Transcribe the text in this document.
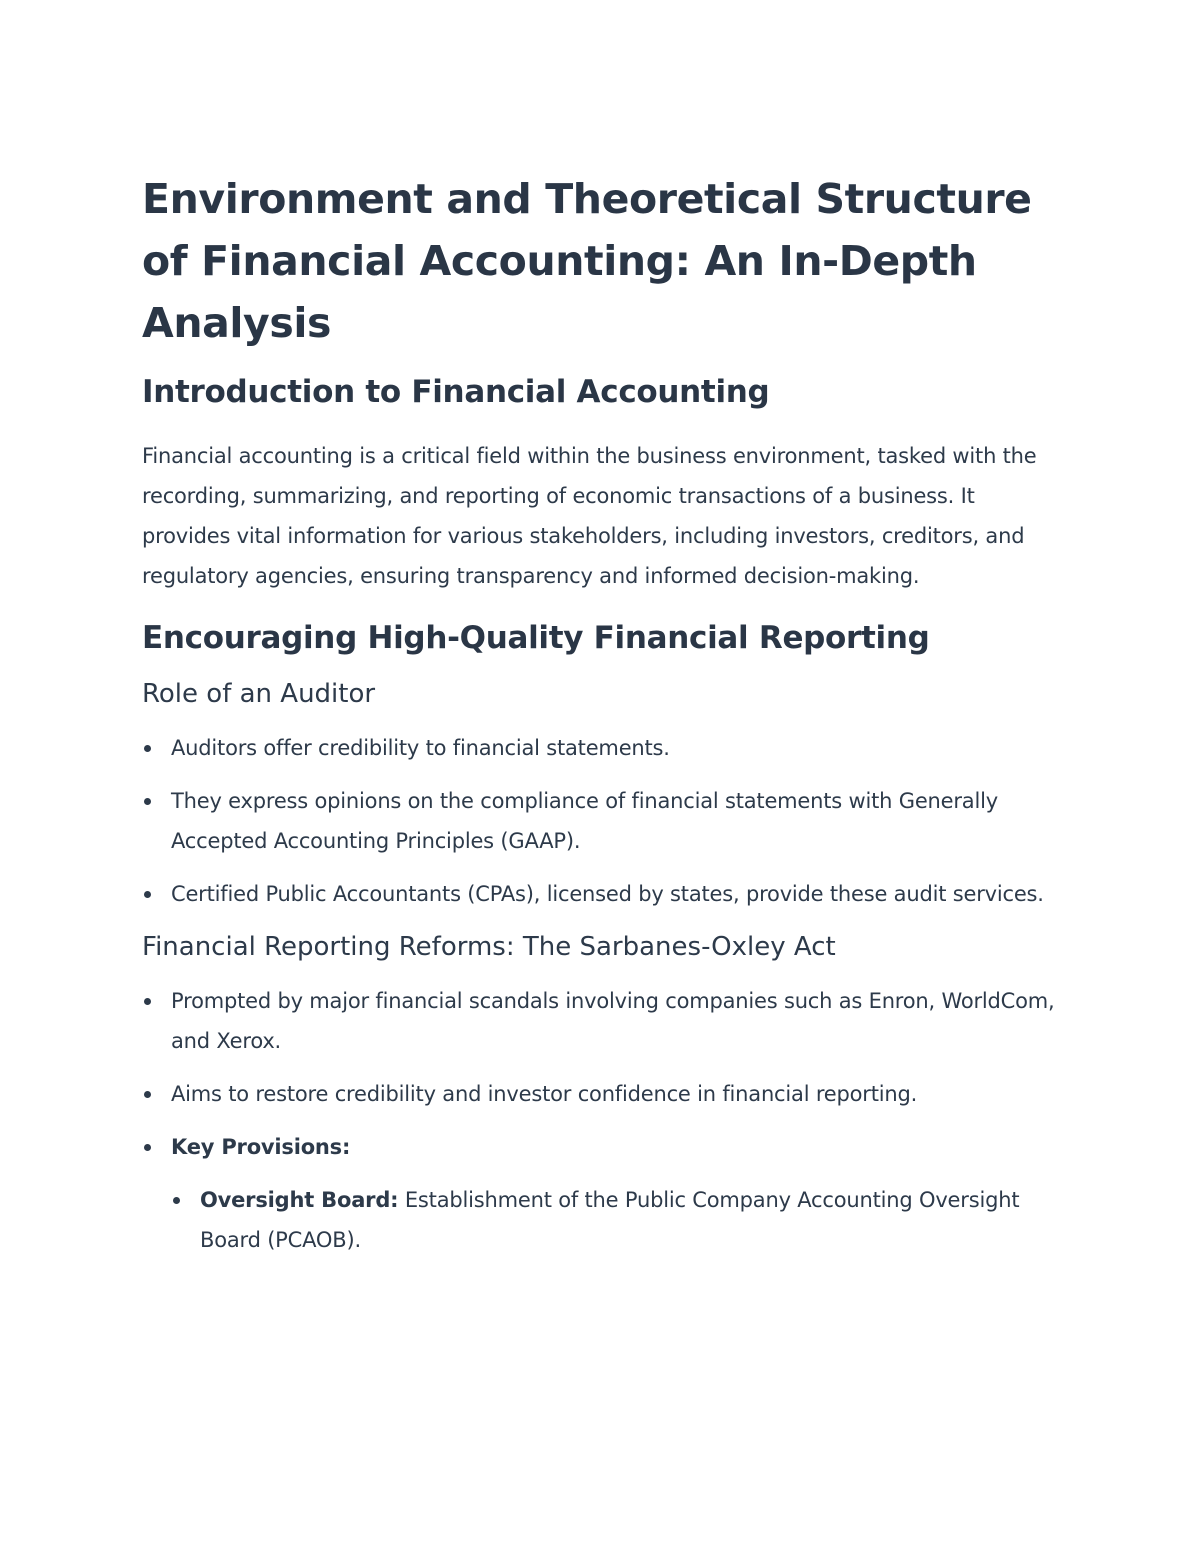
Environment and Theoretical Structure of Financial Accounting: An In-Depth Analysis
Introduction to Financial Accounting

Financial accounting is a critical field within the business environment, tasked with the recording, summarizing, and reporting of economic transactions of a business. It provides vital information for various stakeholders, including investors, creditors, and regulatory agencies, ensuring transparency and informed decision-making.

Encouraging High-Quality Financial Reporting
Role of an Auditor
Auditors offer credibility to financial statements.
They express opinions on the compliance of financial statements with Generally Accepted Accounting Principles (GAAP).
Certified Public Accountants (CPAs), licensed by states, provide these audit services.
Financial Reporting Reforms: The Sarbanes-Oxley Act
Prompted by major financial scandals involving companies such as Enron, WorldCom, and Xerox.
Aims to restore credibility and investor confidence in financial reporting.
Key Provisions:
Oversight Board: Establishment of the Public Company Accounting Oversight Board (PCAOB).
